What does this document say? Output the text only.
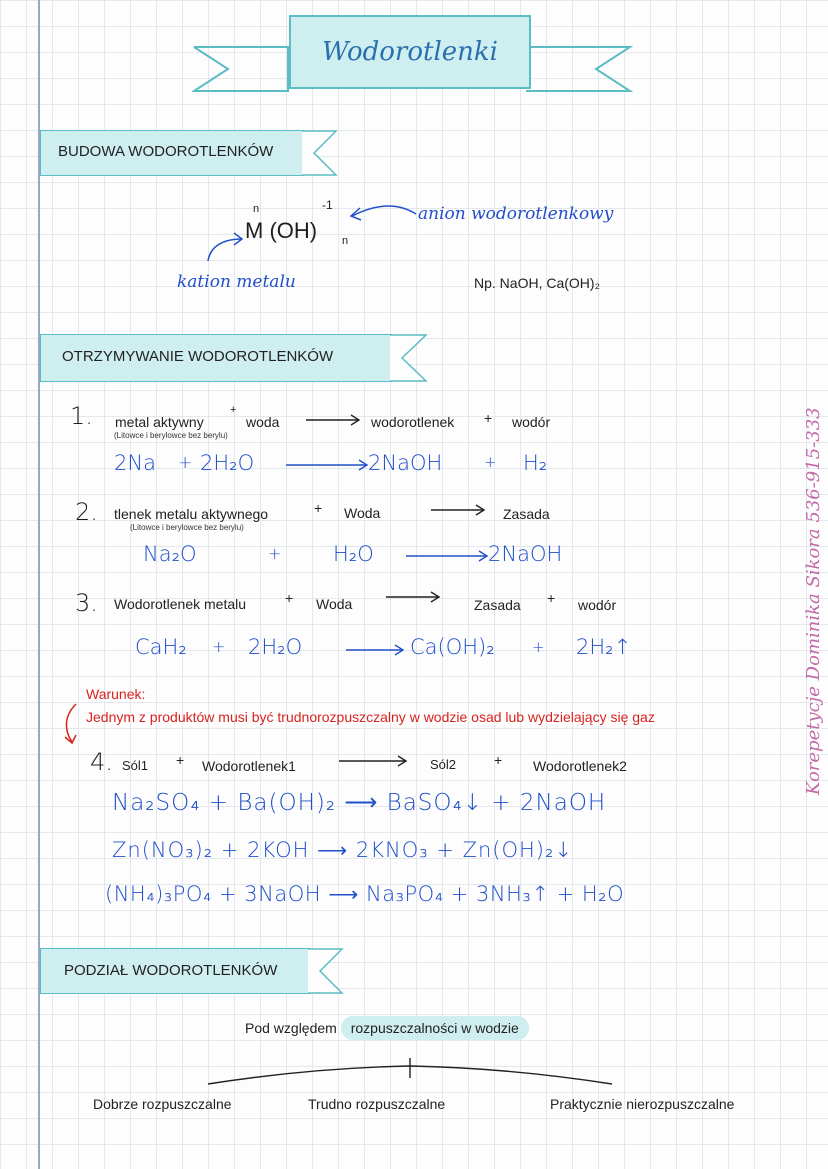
Wodorotlenki
BUDOWA WODOROTLENKÓW
M (OH)
n	-1
n
anion wodorotlenkowy
kation metalu	Np. NaOH, Ca(OH)₂
OTRZYMYWANIE WODOROTLENKÓW
1. metal aktywny
+
woda	wodorotlenek + wodór
(Litowce i berylowce bez berylu)
2Na + 2H₂O	2NaOH	+ H₂
2. tlenek metalu aktywnego	+ Woda	Zasada
(Litowce i berylowce bez berylu)
Na₂O	+ H₂O	2NaOH
3. Wodorotlenek metalu	+ Woda	Zasada + wodór
CaH₂ + 2H₂O	Ca(OH)₂ + 2H₂↑
Warunek:
Jednym z produktów musi być trudnorozpuszczalny w wodzie osad lub wydzielający się gaz
4. Sól1 + Wodorotlenek1	Sól2	+ Wodorotlenek2
Na₂SO₄ + Ba(OH)₂ ⟶ BaSO₄↓ + 2NaOH
Zn(NO₃)₂ + 2KOH ⟶ 2KNO₃ + Zn(OH)₂↓
(NH₄)₃PO₄ + 3NaOH ⟶ Na₃PO₄ + 3NH₃↑ + H₂O
PODZIAŁ WODOROTLENKÓW
Pod względem rozpuszczalności w wodzie
Dobrze rozpuszczalne	Trudno rozpuszczalne	Praktycznie nierozpuszczalne
Korepetycje Dominika Sikora 536-915-333
